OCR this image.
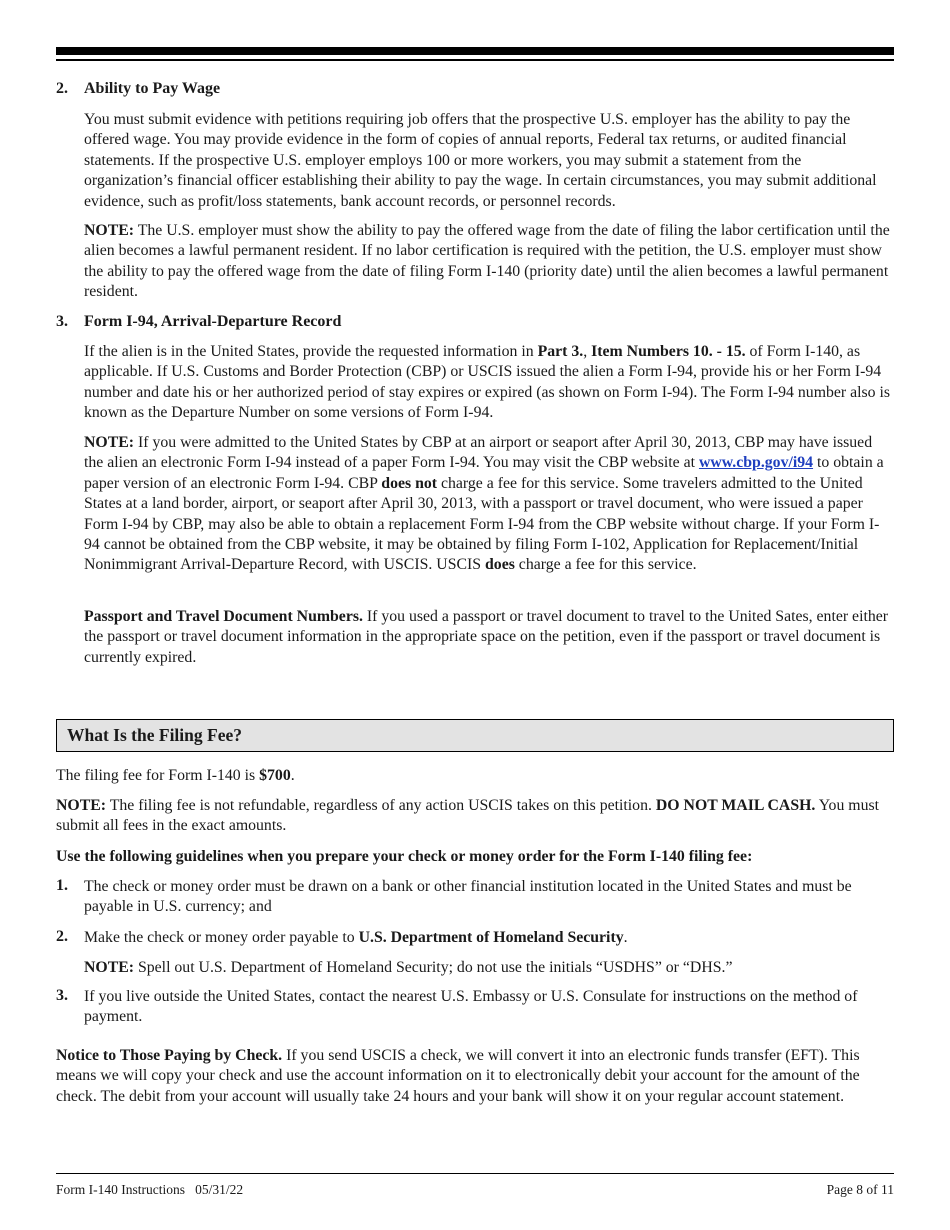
2. Ability to Pay Wage

You must submit evidence with petitions requiring job offers that the prospective U.S. employer has the ability to pay the offered wage. You may provide evidence in the form of copies of annual reports, Federal tax returns, or audited financial statements. If the prospective U.S. employer employs 100 or more workers, you may submit a statement from the organization’s financial officer establishing their ability to pay the wage. In certain circumstances, you may submit additional evidence, such as profit/loss statements, bank account records, or personnel records.

NOTE: The U.S. employer must show the ability to pay the offered wage from the date of filing the labor certification until the alien becomes a lawful permanent resident. If no labor certification is required with the petition, the U.S. employer must show the ability to pay the offered wage from the date of filing Form I-140 (priority date) until the alien becomes a lawful permanent resident.

3. Form I-94, Arrival-Departure Record

If the alien is in the United States, provide the requested information in Part 3., Item Numbers 10. - 15. of Form I-140, as applicable. If U.S. Customs and Border Protection (CBP) or USCIS issued the alien a Form I-94, provide his or her Form I-94 number and date his or her authorized period of stay expires or expired (as shown on Form I-94). The Form I-94 number also is known as the Departure Number on some versions of Form I-94.

NOTE: If you were admitted to the United States by CBP at an airport or seaport after April 30, 2013, CBP may have issued the alien an electronic Form I-94 instead of a paper Form I-94. You may visit the CBP website at www.cbp.gov/i94 to obtain a paper version of an electronic Form I-94. CBP does not charge a fee for this service. Some travelers admitted to the United States at a land border, airport, or seaport after April 30, 2013, with a passport or travel document, who were issued a paper Form I-94 by CBP, may also be able to obtain a replacement Form I-94 from the CBP website without charge. If your Form I-94 cannot be obtained from the CBP website, it may be obtained by filing Form I-102, Application for Replacement/Initial Nonimmigrant Arrival-Departure Record, with USCIS. USCIS does charge a fee for this service.

Passport and Travel Document Numbers. If you used a passport or travel document to travel to the United Sates, enter either the passport or travel document information in the appropriate space on the petition, even if the passport or travel document is currently expired.

What Is the Filing Fee?

The filing fee for Form I-140 is $700.

NOTE: The filing fee is not refundable, regardless of any action USCIS takes on this petition. DO NOT MAIL CASH. You must submit all fees in the exact amounts.

Use the following guidelines when you prepare your check or money order for the Form I-140 filing fee:

1. The check or money order must be drawn on a bank or other financial institution located in the United States and must be payable in U.S. currency; and

2. Make the check or money order payable to U.S. Department of Homeland Security.

NOTE: Spell out U.S. Department of Homeland Security; do not use the initials “USDHS” or “DHS.”

3. If you live outside the United States, contact the nearest U.S. Embassy or U.S. Consulate for instructions on the method of payment.

Notice to Those Paying by Check. If you send USCIS a check, we will convert it into an electronic funds transfer (EFT). This means we will copy your check and use the account information on it to electronically debit your account for the amount of the check. The debit from your account will usually take 24 hours and your bank will show it on your regular account statement.

Form I-140 Instructions   05/31/22	Page 8 of 11
